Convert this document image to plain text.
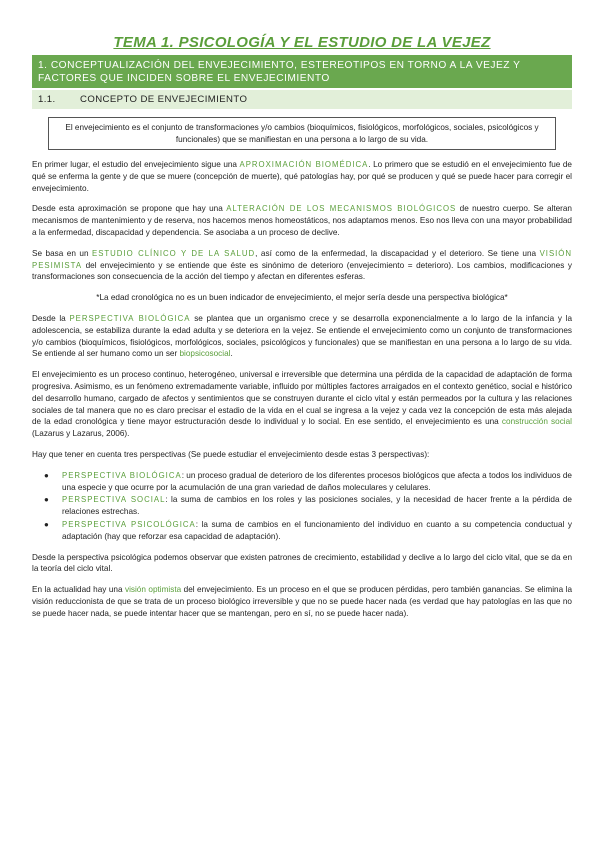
TEMA 1. PSICOLOGÍA Y EL ESTUDIO DE LA VEJEZ
1. CONCEPTUALIZACIÓN DEL ENVEJECIMIENTO, ESTEREOTIPOS EN TORNO A LA VEJEZ Y FACTORES QUE INCIDEN SOBRE EL ENVEJECIMIENTO
1.1.	CONCEPTO DE ENVEJECIMIENTO
El envejecimiento es el conjunto de transformaciones y/o cambios (bioquímicos, fisiológicos, morfológicos, sociales, psicológicos y funcionales) que se manifiestan en una persona a lo largo de su vida.

En primer lugar, el estudio del envejecimiento sigue una APROXIMACIÓN BIOMÉDICA. Lo primero que se estudió en el envejecimiento fue de qué se enferma la gente y de que se muere (concepción de muerte), qué patologías hay, por qué se producen y qué se puede hacer para corregir el envejecimiento.

Desde esta aproximación se propone que hay una ALTERACIÓN DE LOS MECANISMOS BIOLÓGICOS de nuestro cuerpo. Se alteran mecanismos de mantenimiento y de reserva, nos hacemos menos homeostáticos, nos adaptamos menos. Eso nos lleva con una mayor probabilidad a la enfermedad, discapacidad y dependencia. Se asociaba a un proceso de declive.

Se basa en un ESTUDIO CLÍNICO Y DE LA SALUD, así como de la enfermedad, la discapacidad y el deterioro. Se tiene una VISIÓN PESIMISTA del envejecimiento y se entiende que éste es sinónimo de deterioro (envejecimiento = deterioro). Los cambios, modificaciones y transformaciones son consecuencia de la acción del tiempo y afectan en diferentes esferas.

*La edad cronológica no es un buen indicador de envejecimiento, el mejor sería desde una perspectiva biológica*

Desde la PERSPECTIVA BIOLÓGICA se plantea que un organismo crece y se desarrolla exponencialmente a lo largo de la infancia y la adolescencia, se estabiliza durante la edad adulta y se deteriora en la vejez. Se entiende el envejecimiento como un conjunto de transformaciones y/o cambios (bioquímicos, fisiológicos, morfológicos, sociales, psicológicos y funcionales) que se manifiestan en una persona a lo largo de su vida. Se entiende al ser humano como un ser biopsicosocial.

El envejecimiento es un proceso continuo, heterogéneo, universal e irreversible que determina una pérdida de la capacidad de adaptación de forma progresiva. Asimismo, es un fenómeno extremadamente variable, influido por múltiples factores arraigados en el contexto genético, social e histórico del desarrollo humano, cargado de afectos y sentimientos que se construyen durante el ciclo vital y están permeados por la cultura y las relaciones sociales de tal manera que no es claro precisar el estadio de la vida en el cual se ingresa a la vejez y cada vez la concepción de esta más alejada de la edad cronológica y tiene mayor estructuración desde lo individual y lo social. En ese sentido, el envejecimiento es una construcción social (Lazarus y Lazarus, 2006).

Hay que tener en cuenta tres perspectivas (Se puede estudiar el envejecimiento desde estas 3 perspectivas):

● PERSPECTIVA BIOLÓGICA: un proceso gradual de deterioro de los diferentes procesos biológicos que afecta a todos los individuos de una especie y que ocurre por la acumulación de una gran variedad de daños moleculares y celulares.
● PERSPECTIVA SOCIAL: la suma de cambios en los roles y las posiciones sociales, y la necesidad de hacer frente a la pérdida de relaciones estrechas.
● PERSPECTIVA PSICOLÓGICA: la suma de cambios en el funcionamiento del individuo en cuanto a su competencia conductual y adaptación (hay que reforzar esa capacidad de adaptación).

Desde la perspectiva psicológica podemos observar que existen patrones de crecimiento, estabilidad y declive a lo largo del ciclo vital, que se da en la teoría del ciclo vital.

En la actualidad hay una visión optimista del envejecimiento. Es un proceso en el que se producen pérdidas, pero también ganancias. Se elimina la visión reduccionista de que se trata de un proceso biológico irreversible y que no se puede hacer nada (es verdad que hay patologías en las que no se puede hacer nada, se puede intentar hacer que se mantengan, pero en sí, no se puede hacer nada).
